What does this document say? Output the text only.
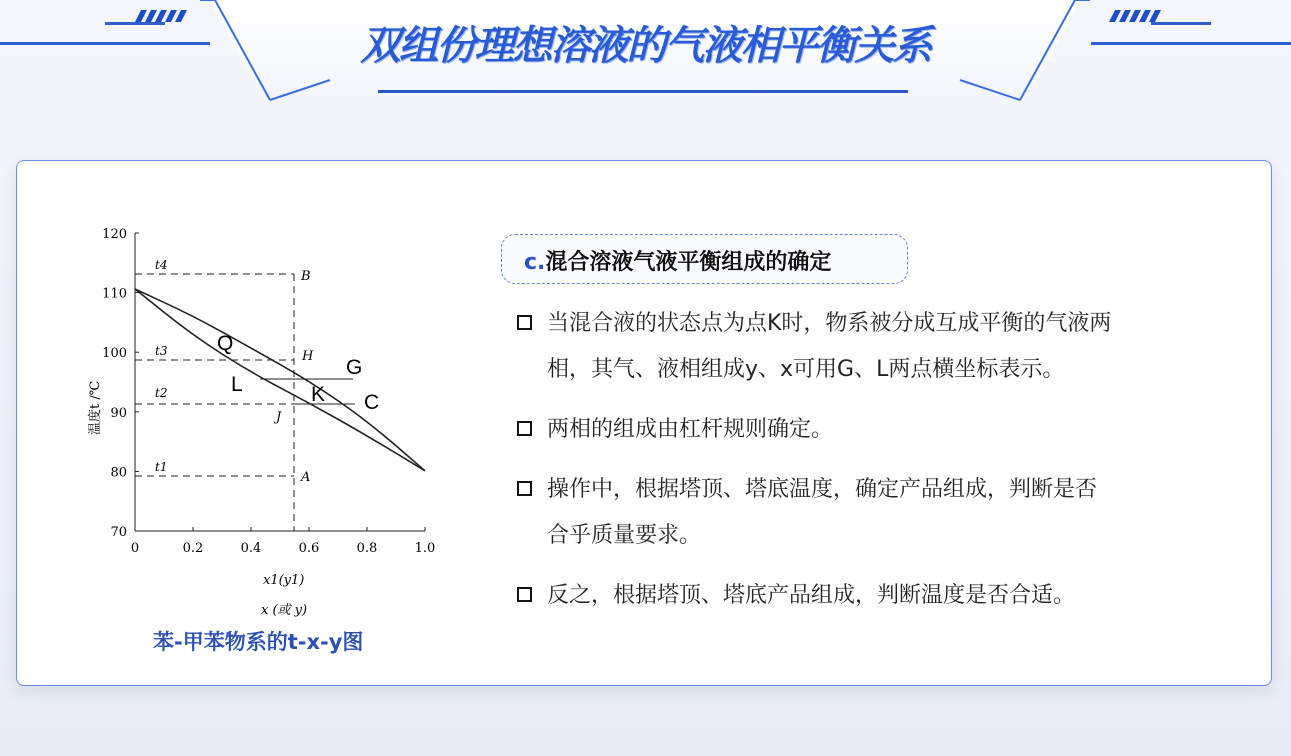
双组份理想溶液的气液相平衡关系
120
110
100
90
80
70
0	0.2	0.4	0.6	0.8	1.0
t4
t3
t2
t1
B
H
J
A
Q
L	K
G
C
温度t /℃
x1(y1)
x (或 y)
苯-甲苯物系的t-x-y图
c.混合溶液气液平衡组成的确定
当混合液的状态点为点K时，物系被分成互成平衡的气液两
相，其气、液相组成y、x可用G、L两点横坐标表示。
两相的组成由杠杆规则确定。
操作中，根据塔顶、塔底温度，确定产品组成，判断是否
合乎质量要求。
反之，根据塔顶、塔底产品组成，判断温度是否合适。
